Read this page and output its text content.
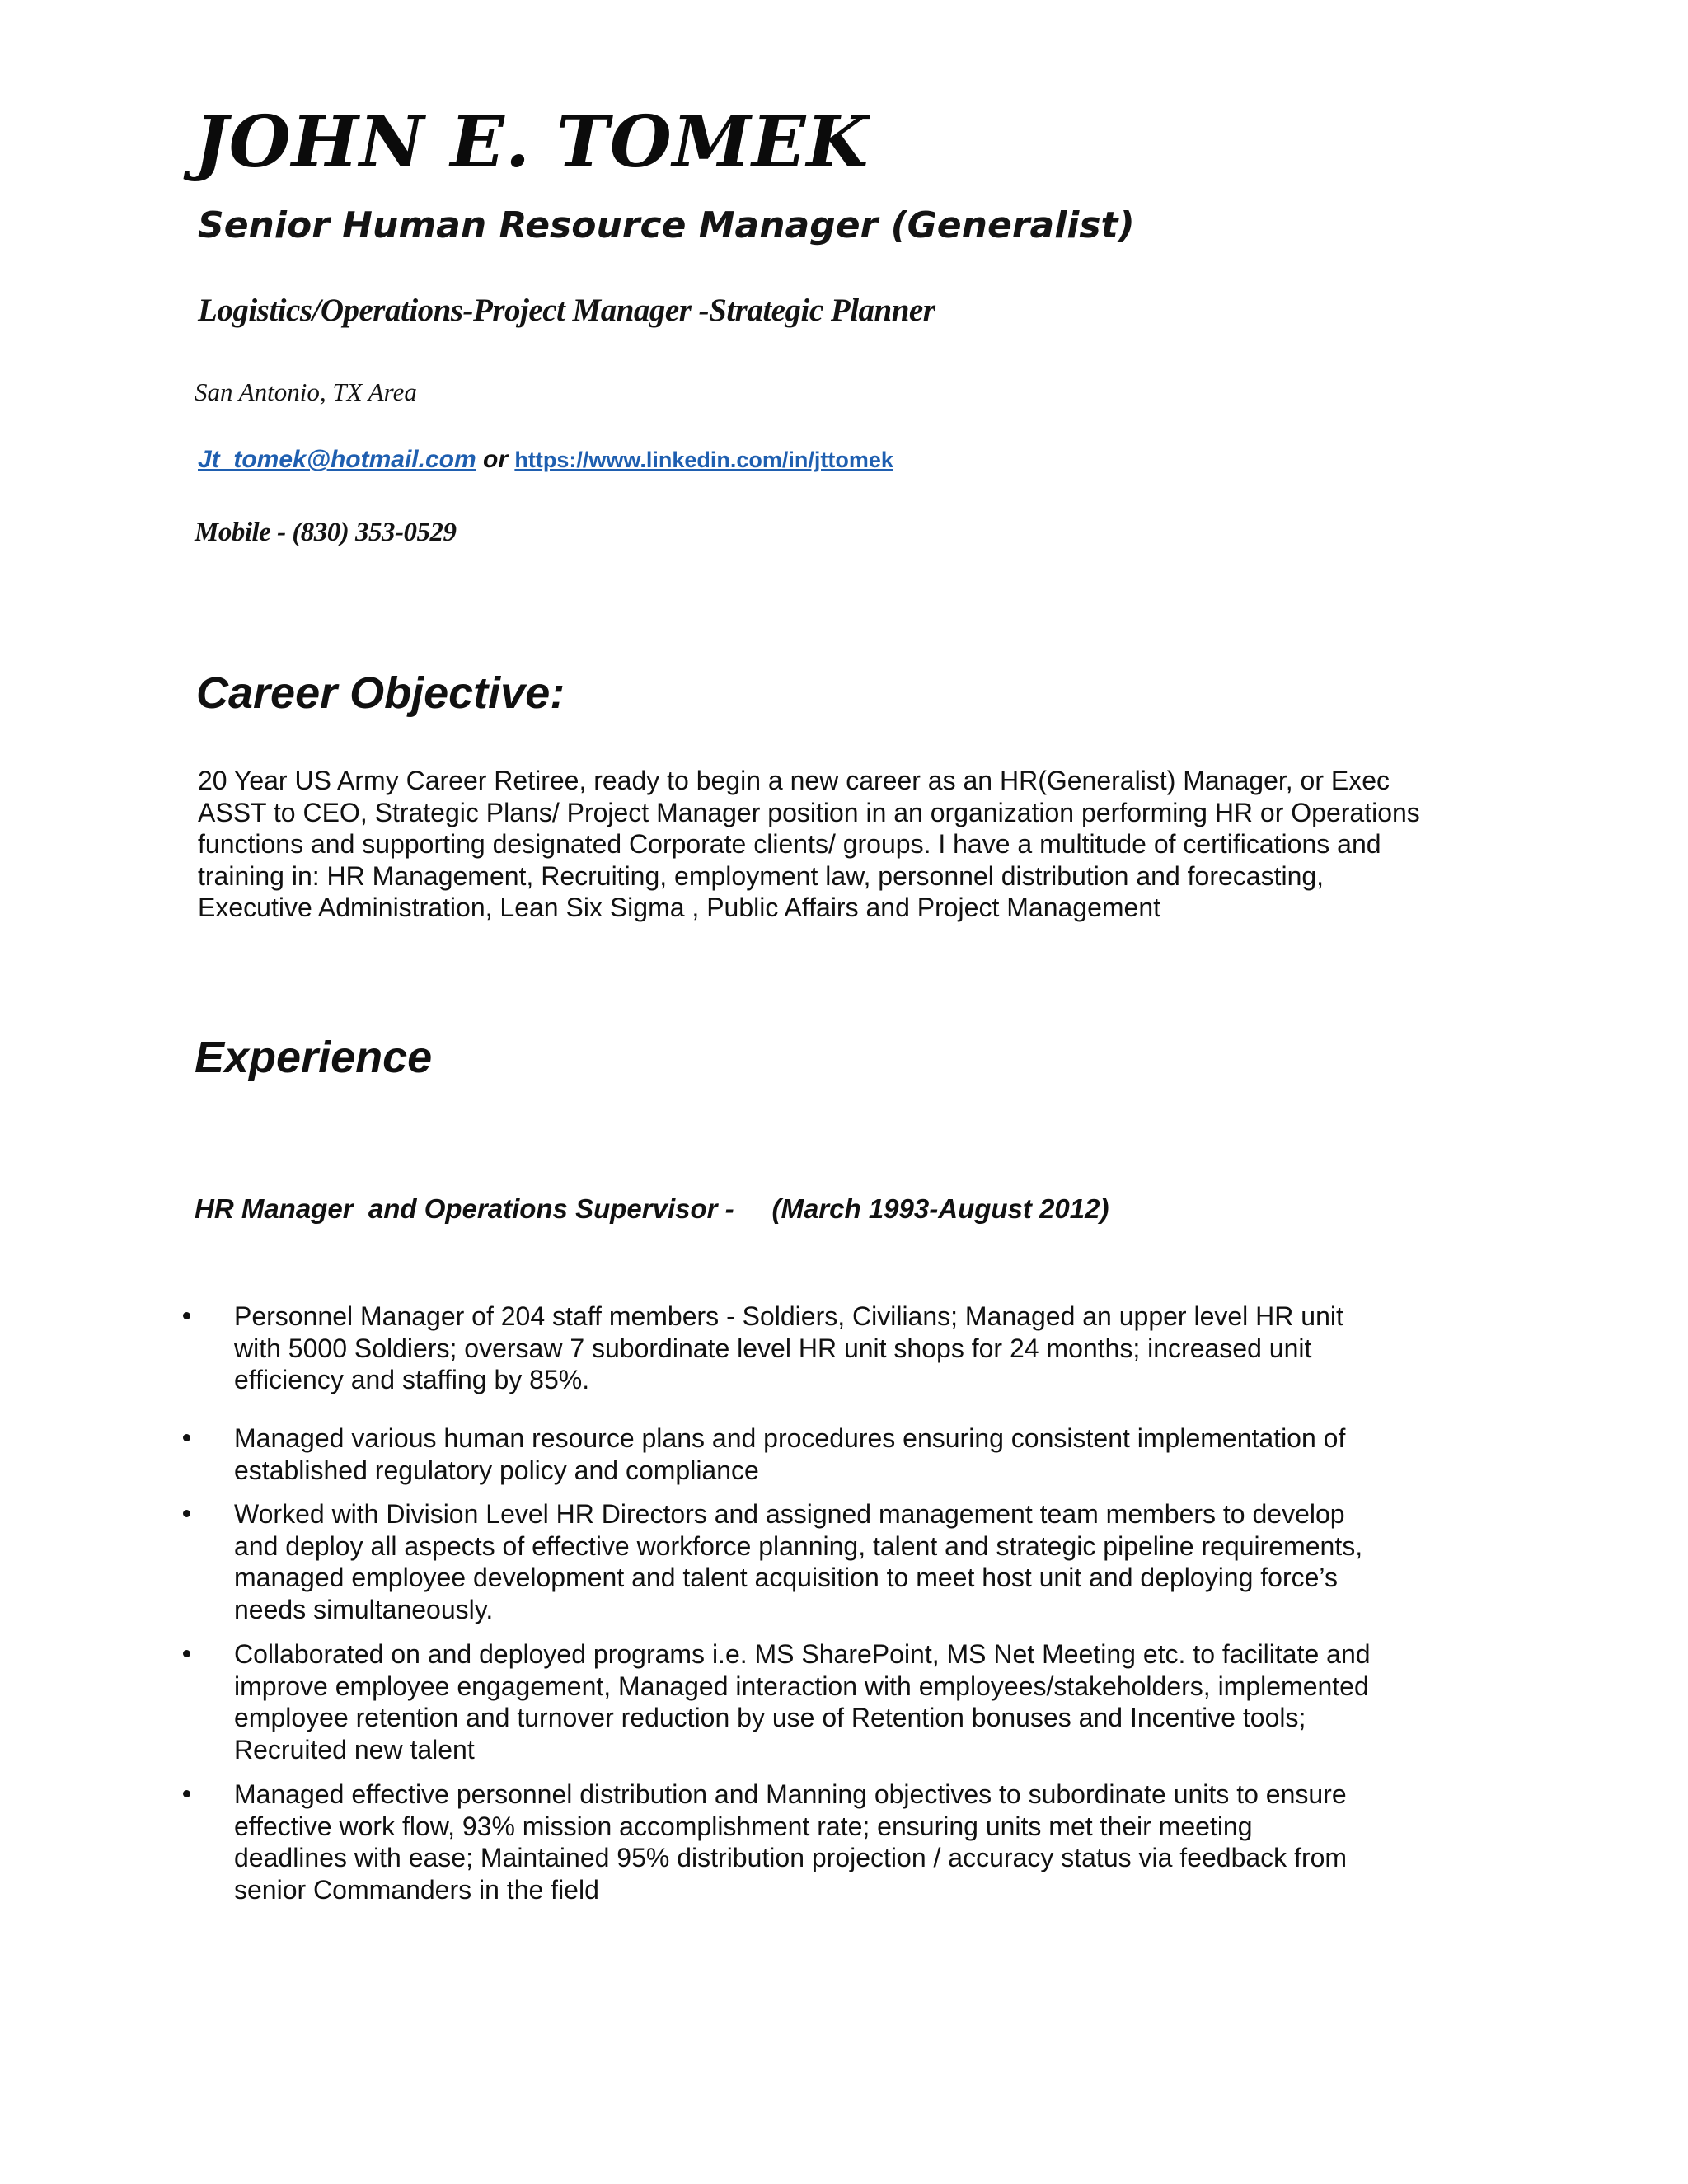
JOHN E. TOMEK
Senior Human Resource Manager (Generalist)
Logistics/Operations-Project Manager -Strategic Planner
San Antonio, TX Area
Jt_tomek@hotmail.com or https://www.linkedin.com/in/jttomek
Mobile - (830) 353-0529
Career Objective:
20 Year US Army Career Retiree, ready to begin a new career as an HR(Generalist) Manager, or Exec
ASST to CEO, Strategic Plans/ Project Manager position in an organization performing HR or Operations
functions and supporting designated Corporate clients/ groups. I have a multitude of certifications and
training in: HR Management, Recruiting, employment law, personnel distribution and forecasting,
Executive Administration, Lean Six Sigma , Public Affairs and Project Management
Experience
HR Manager  and Operations Supervisor -     (March 1993-August 2012)
Personnel Manager of 204 staff members - Soldiers, Civilians; Managed an upper level HR unit
with 5000 Soldiers; oversaw 7 subordinate level HR unit shops for 24 months; increased unit
efficiency and staffing by 85%.
Managed various human resource plans and procedures ensuring consistent implementation of
established regulatory policy and compliance
Worked with Division Level HR Directors and assigned management team members to develop
and deploy all aspects of effective workforce planning, talent and strategic pipeline requirements,
managed employee development and talent acquisition to meet host unit and deploying force’s
needs simultaneously.
Collaborated on and deployed programs i.e. MS SharePoint, MS Net Meeting etc. to facilitate and
improve employee engagement, Managed interaction with employees/stakeholders, implemented
employee retention and turnover reduction by use of Retention bonuses and Incentive tools;
Recruited new talent
Managed effective personnel distribution and Manning objectives to subordinate units to ensure
effective work flow, 93% mission accomplishment rate; ensuring units met their meeting
deadlines with ease; Maintained 95% distribution projection / accuracy status via feedback from
senior Commanders in the field
